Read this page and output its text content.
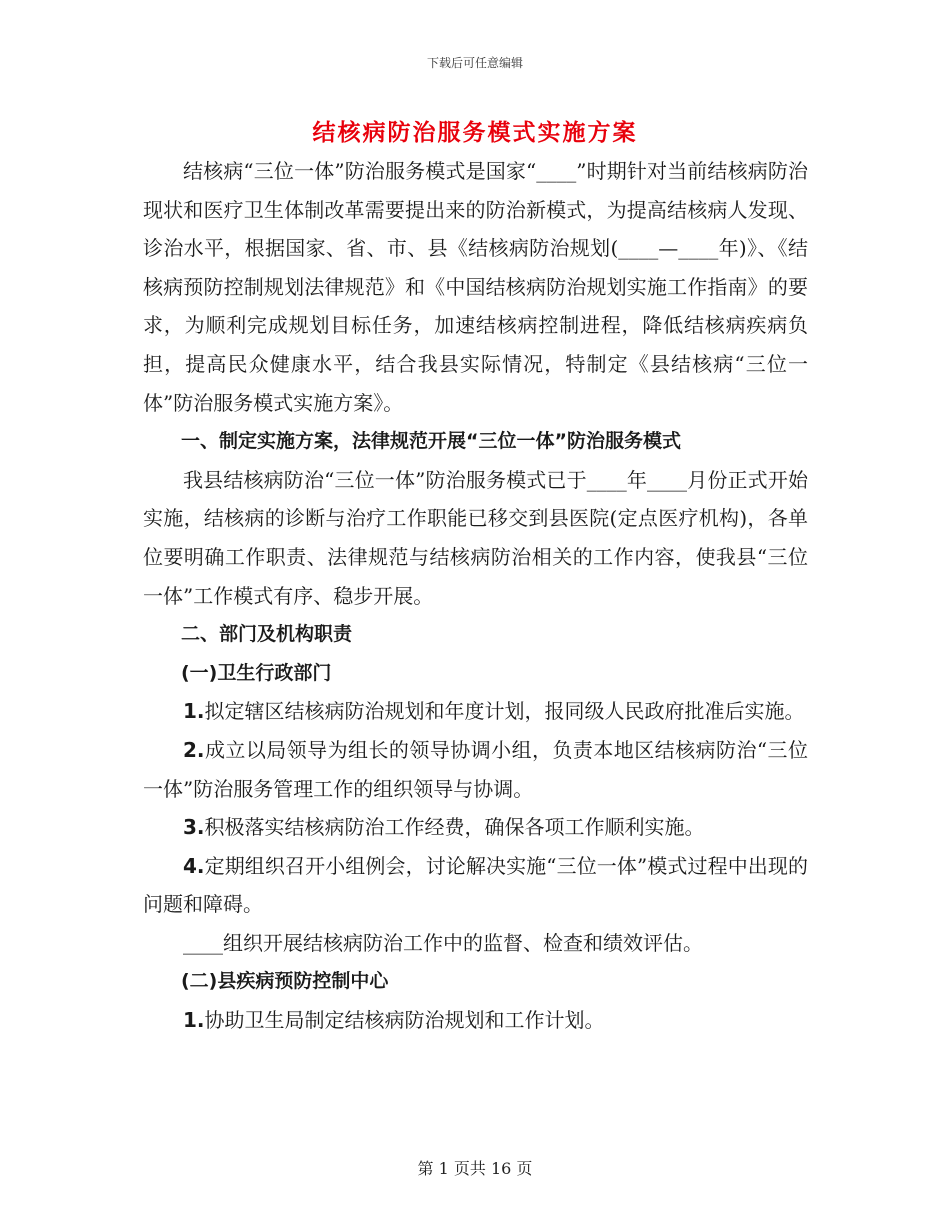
下载后可任意编辑
结核病防治服务模式实施方案

结核病“三位一体”防治服务模式是国家“____”时期针对当前结核病防治现状和医疗卫生体制改革需要提出来的防治新模式，为提高结核病人发现、诊治水平，根据国家、省、市、县《结核病防治规划(____—____年)》、《结核病预防控制规划法律规范》和《中国结核病防治规划实施工作指南》的要求，为顺利完成规划目标任务，加速结核病控制进程，降低结核病疾病负担，提高民众健康水平，结合我县实际情况，特制定《县结核病“三位一体”防治服务模式实施方案》。

一、制定实施方案，法律规范开展“三位一体”防治服务模式

我县结核病防治“三位一体”防治服务模式已于____年____月份正式开始实施，结核病的诊断与治疗工作职能已移交到县医院(定点医疗机构)，各单位要明确工作职责、法律规范与结核病防治相关的工作内容，使我县“三位一体”工作模式有序、稳步开展。

二、部门及机构职责

(一)卫生行政部门

1.拟定辖区结核病防治规划和年度计划，报同级人民政府批准后实施。

2.成立以局领导为组长的领导协调小组，负责本地区结核病防治“三位一体”防治服务管理工作的组织领导与协调。

3.积极落实结核病防治工作经费，确保各项工作顺利实施。

4.定期组织召开小组例会，讨论解决实施“三位一体”模式过程中出现的问题和障碍。

____组织开展结核病防治工作中的监督、检查和绩效评估。

(二)县疾病预防控制中心

1.协助卫生局制定结核病防治规划和工作计划。

第 1 页共 16 页
